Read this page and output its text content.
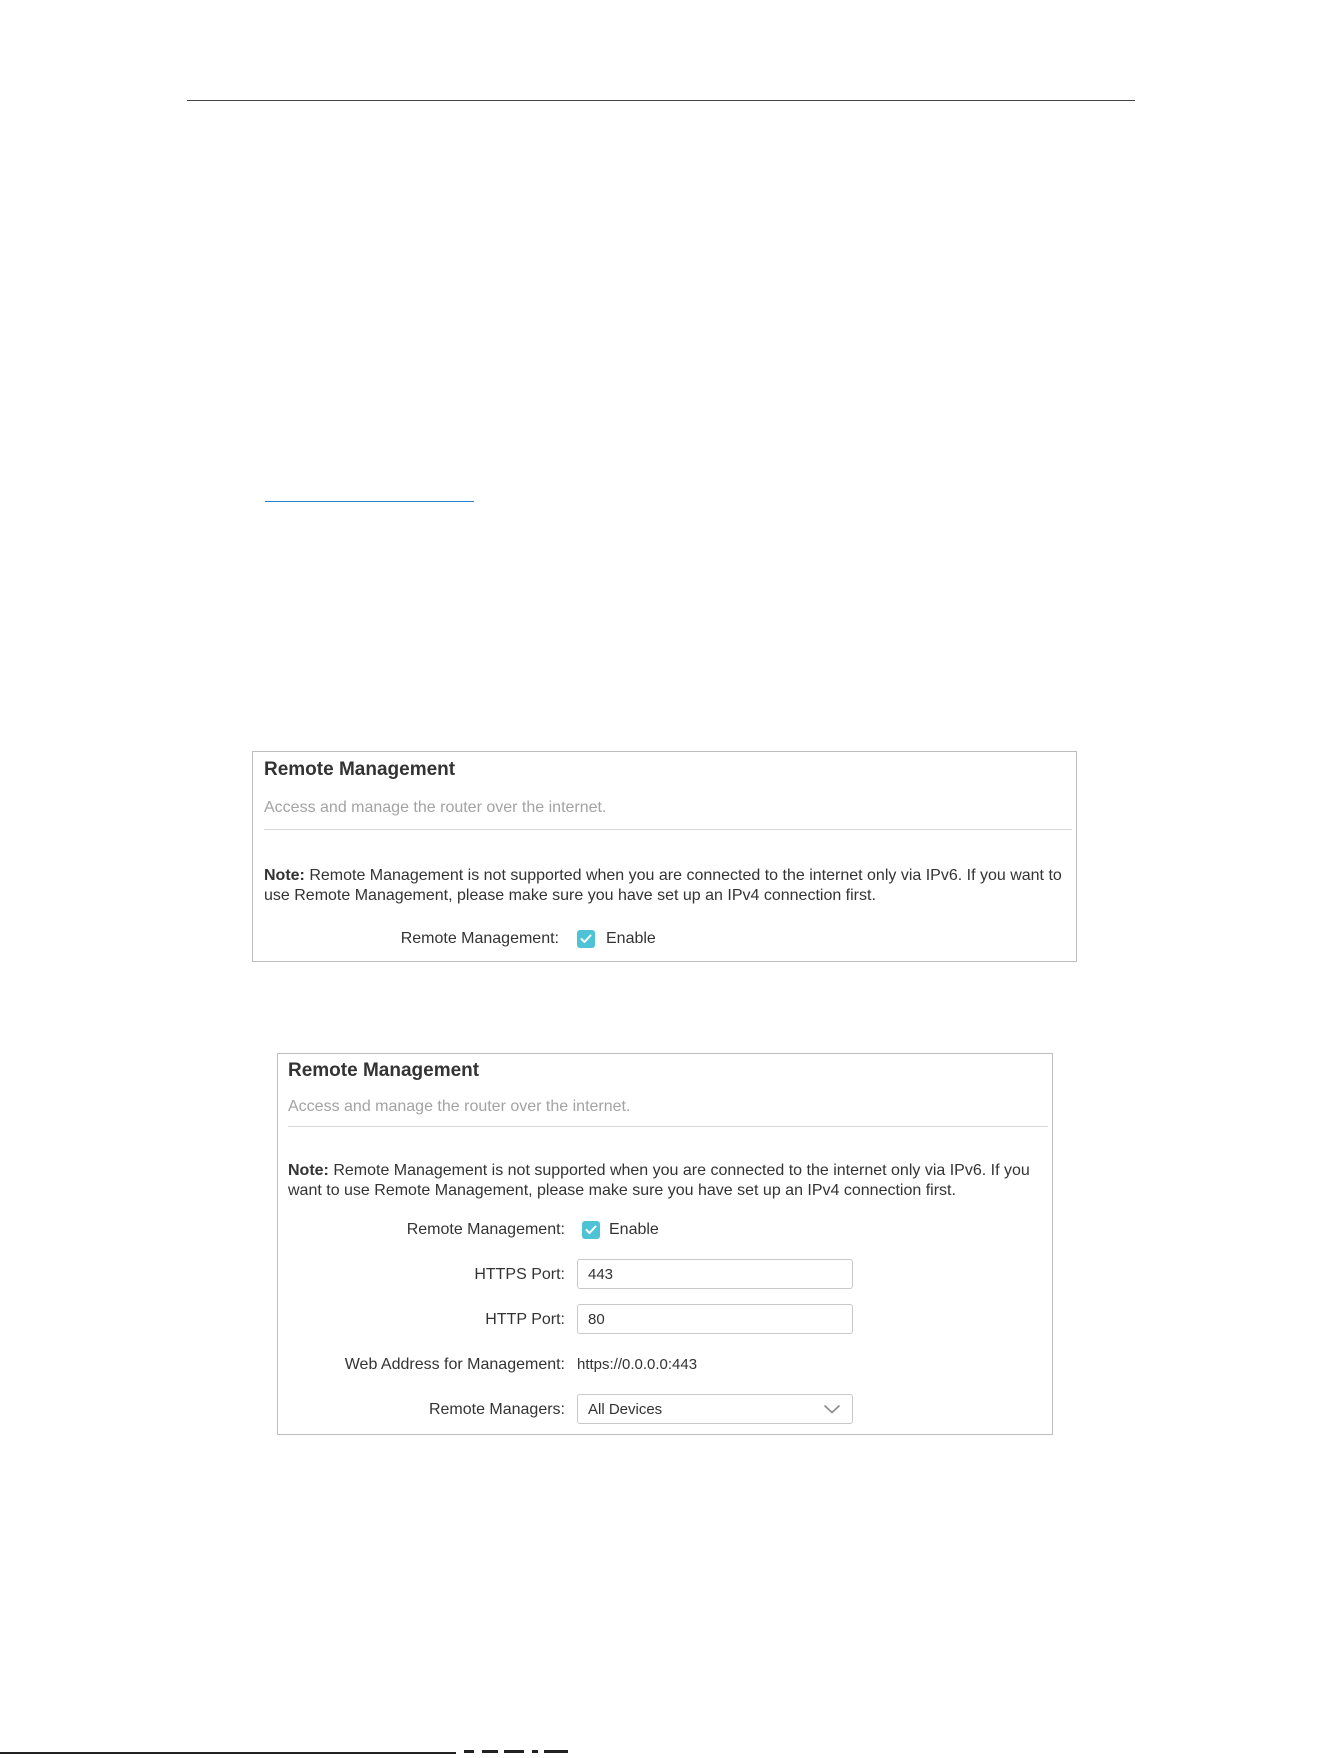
Remote Management
Access and manage the router over the internet.
Note: Remote Management is not supported when you are connected to the internet only via IPv6. If you want to use Remote Management, please make sure you have set up an IPv4 connection first.
Remote Management:	Enable
Remote Management
Access and manage the router over the internet.
Note: Remote Management is not supported when you are connected to the internet only via IPv6. If you want to use Remote Management, please make sure you have set up an IPv4 connection first.
Remote Management:	Enable
HTTPS Port:
443
HTTP Port:
80
Web Address for Management: https://0.0.0.0:443
Remote Managers: All Devices
